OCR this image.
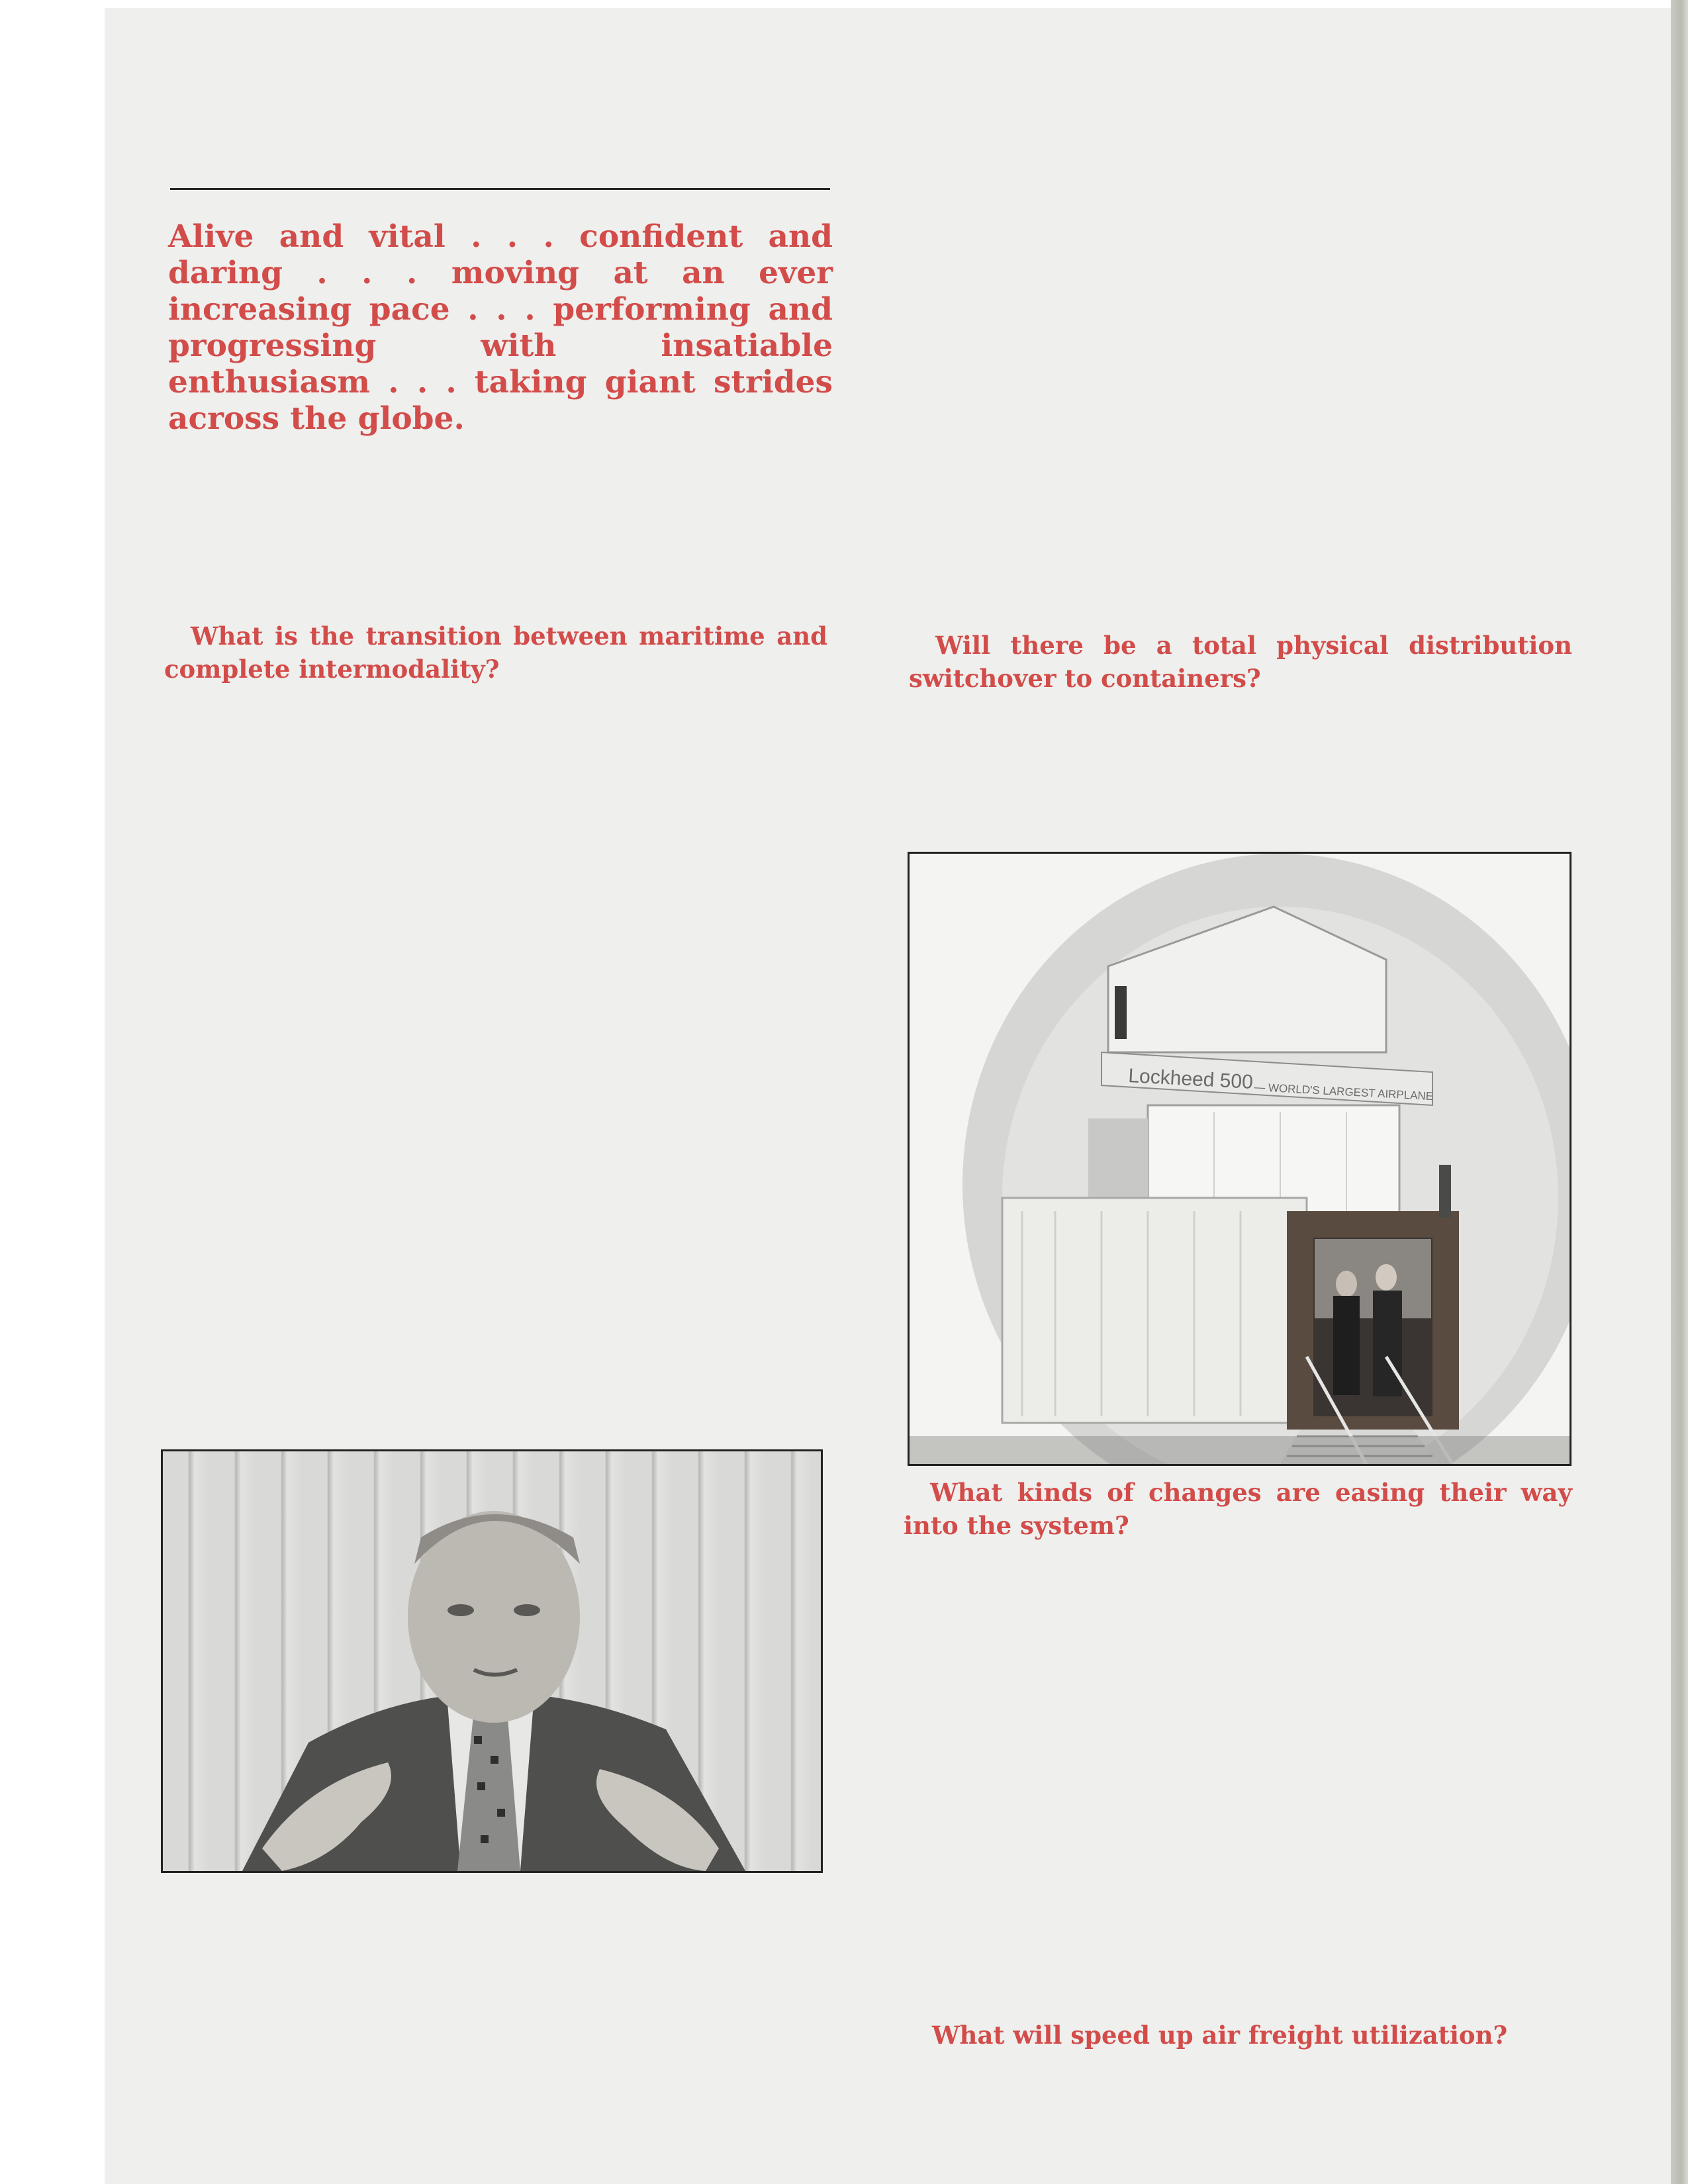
Alive and vital . . . confident and daring . . . moving at an ever increasing pace . . . performing and progressing with insatiable enthusiasm . . . taking giant strides across the globe.

What is the transition between maritime and complete intermodality?

Will there be a total physical distribution switchover to containers?

What kinds of changes are easing their way into the system?

What will speed up air freight utilization?

Lockheed 500 — WORLD'S LARGEST AIRPLANE
